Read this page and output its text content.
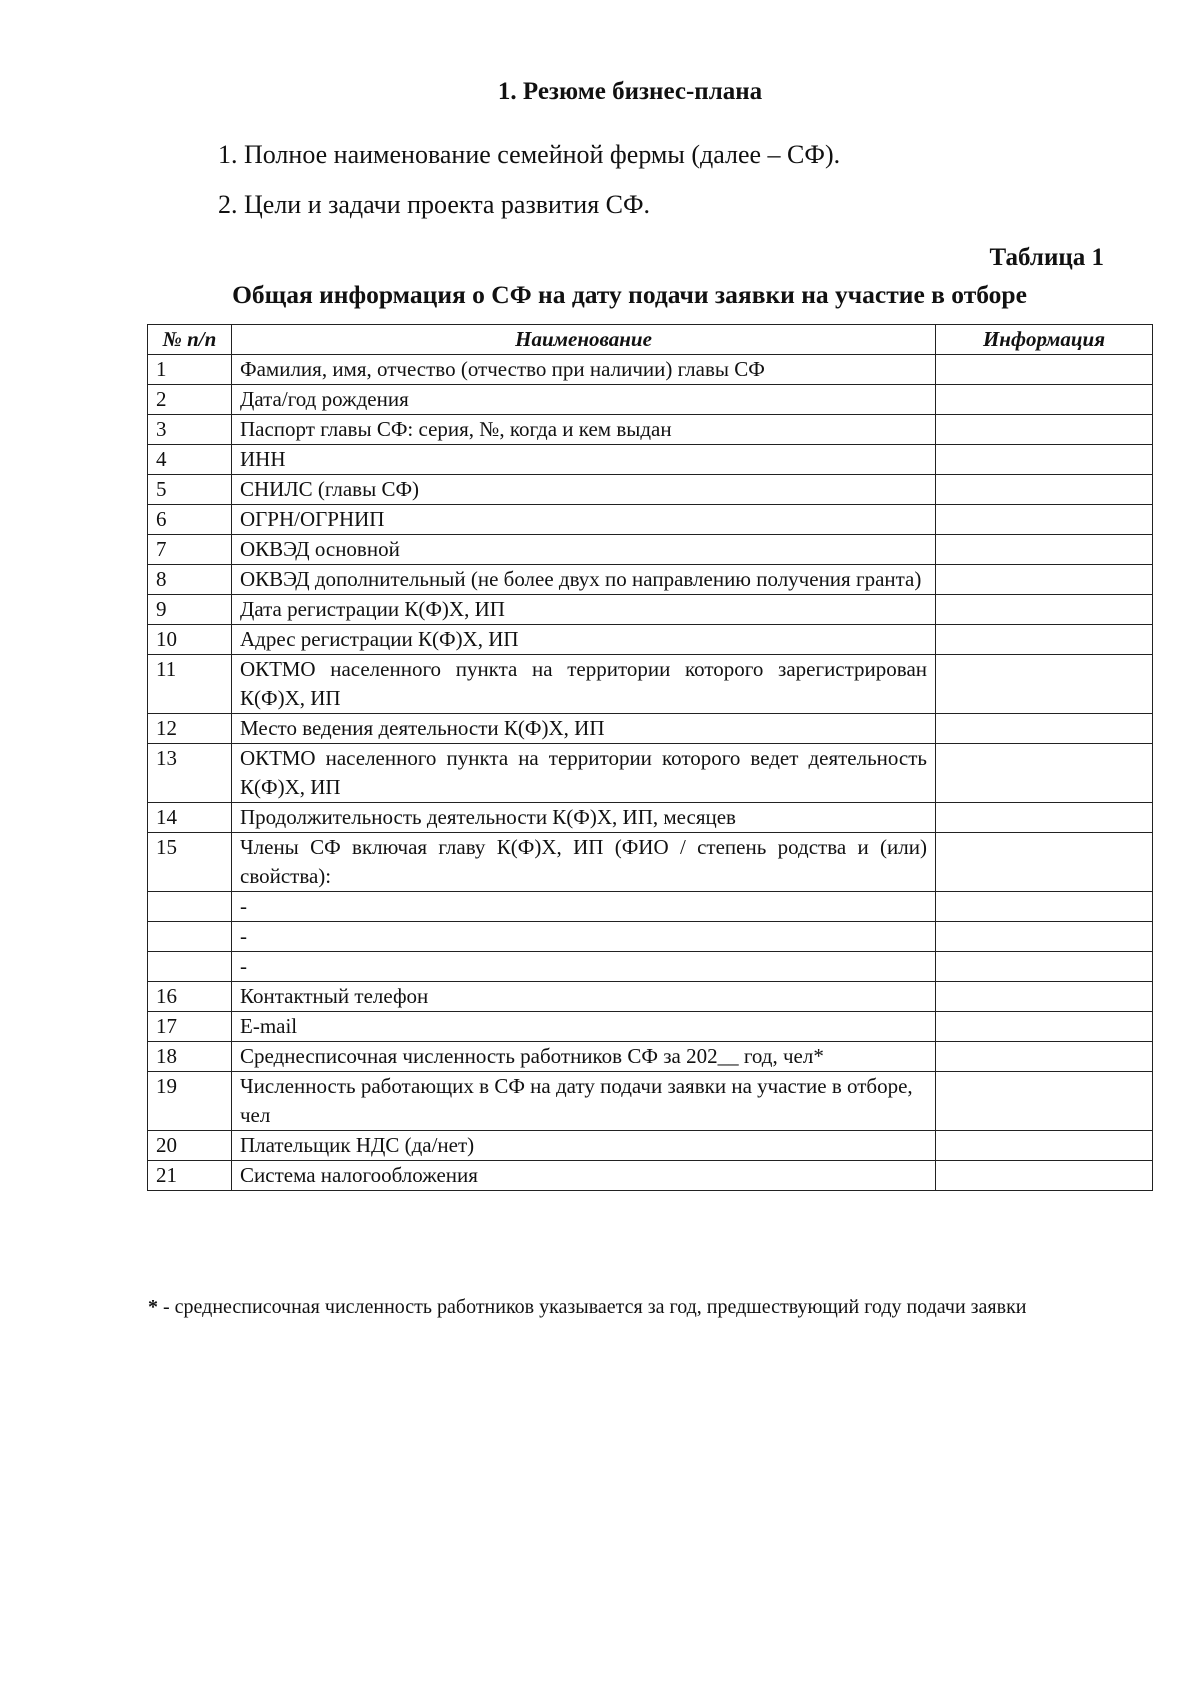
1. Резюме бизнес-плана
1. Полное наименование семейной фермы (далее – СФ).
2. Цели и задачи проекта развития СФ.
Таблица 1
Общая информация о СФ на дату подачи заявки на участие в отборе
№ п/п	Наименование	Информация
1	Фамилия, имя, отчество (отчество при наличии) главы СФ	
2	Дата/год рождения	
3	Паспорт главы СФ: серия, №, когда и кем выдан	
4	ИНН	
5	СНИЛС (главы СФ)	
6	ОГРН/ОГРНИП	
7	ОКВЭД основной	
8	ОКВЭД дополнительный (не более двух по направлению получения гранта)	
9	Дата регистрации К(Ф)Х, ИП	
10	Адрес регистрации К(Ф)Х, ИП	
11	ОКТМО населенного пункта на территории которого зарегистрирован К(Ф)Х, ИП	
12	Место ведения деятельности К(Ф)Х, ИП	
13	ОКТМО населенного пункта на территории которого ведет деятельность К(Ф)Х, ИП	
14	Продолжительность деятельности К(Ф)Х, ИП, месяцев	
15	Члены СФ включая главу К(Ф)Х, ИП (ФИО / степень родства и (или) свойства):	
	-	
	-	
	-	
16	Контактный телефон	
17	E-mail	
18	Среднесписочная численность работников СФ за 202__ год, чел*	
19	Численность работающих в СФ на дату подачи заявки на участие в отборе, чел	
20	Плательщик НДС (да/нет)	
21	Система налогообложения	
* - среднесписочная численность работников указывается за год, предшествующий году подачи заявки
